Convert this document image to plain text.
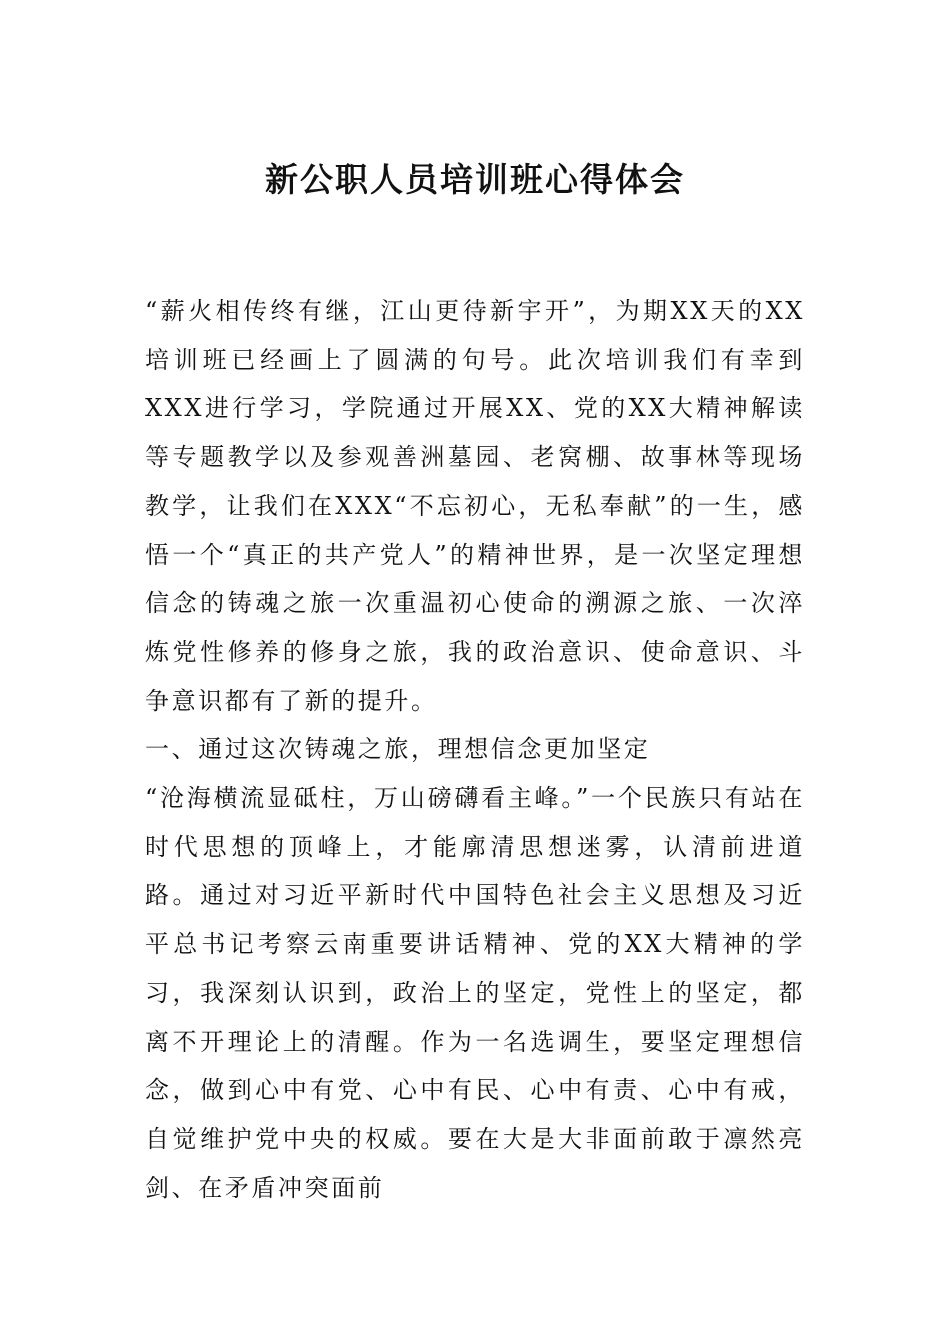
新公职人员培训班心得体会

“薪火相传终有继，江山更待新宇开”，为期XX天的XX培训班已经画上了圆满的句号。此次培训我们有幸到XXX进行学习，学院通过开展XX、党的XX大精神解读等专题教学以及参观善洲墓园、老窝棚、故事林等现场教学，让我们在XXX“不忘初心，无私奉献”的一生，感悟一个“真正的共产党人”的精神世界，是一次坚定理想信念的铸魂之旅一次重温初心使命的溯源之旅、一次淬炼党性修养的修身之旅，我的政治意识、使命意识、斗争意识都有了新的提升。

一、通过这次铸魂之旅，理想信念更加坚定

“沧海横流显砥柱，万山磅礴看主峰。”一个民族只有站在时代思想的顶峰上，才能廓清思想迷雾，认清前进道路。通过对习近平新时代中国特色社会主义思想及习近平总书记考察云南重要讲话精神、党的XX大精神的学习，我深刻认识到，政治上的坚定，党性上的坚定，都离不开理论上的清醒。作为一名选调生，要坚定理想信念，做到心中有党、心中有民、心中有责、心中有戒，自觉维护党中央的权威。要在大是大非面前敢于凛然亮剑、在矛盾冲突面前
